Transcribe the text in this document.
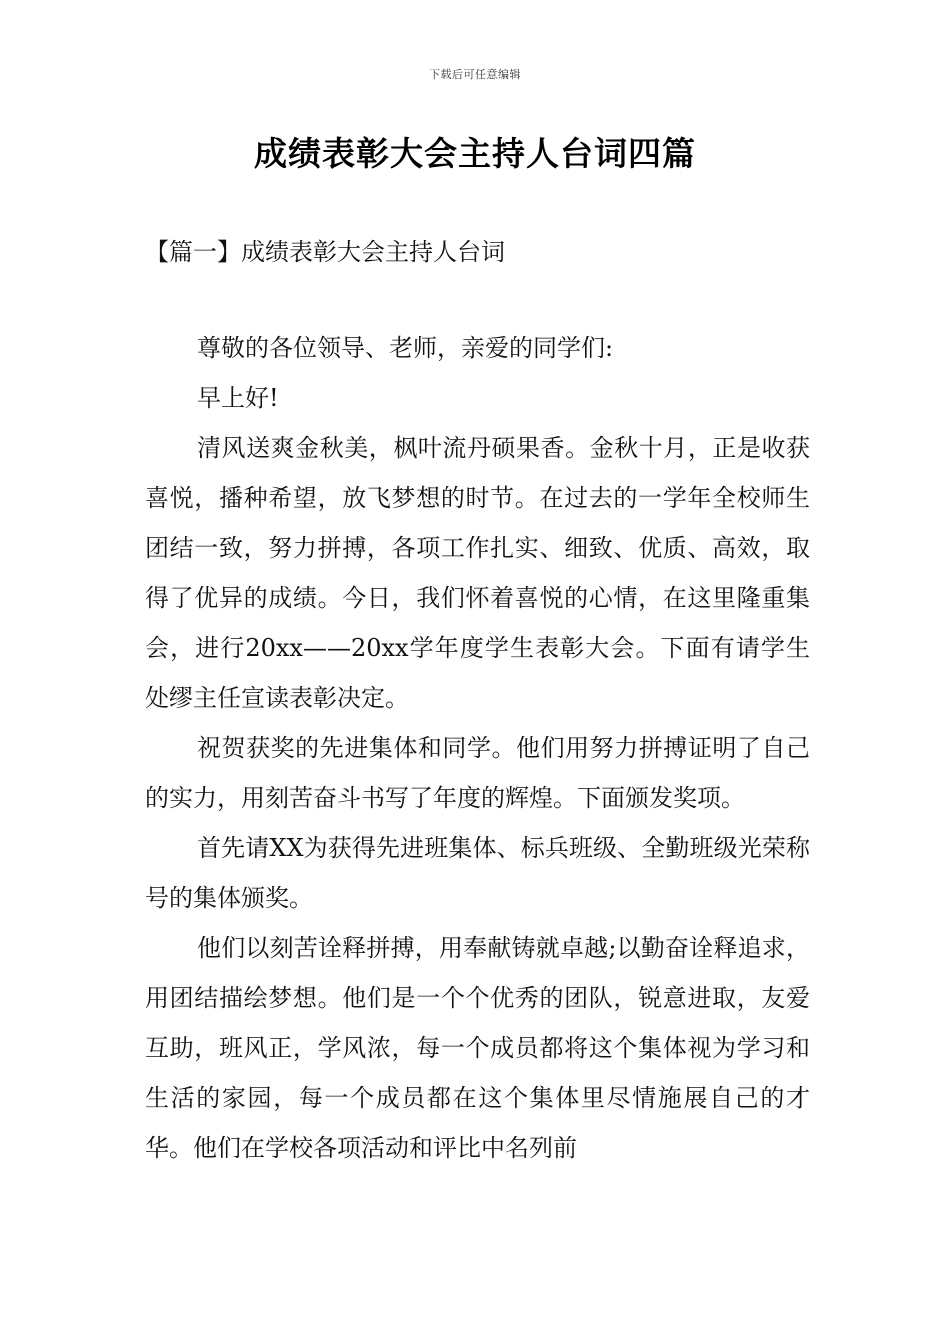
下载后可任意编辑
成绩表彰大会主持人台词四篇
【篇一】成绩表彰大会主持人台词

尊敬的各位领导、老师，亲爱的同学们:

早上好!

清风送爽金秋美，枫叶流丹硕果香。金秋十月，正是收获喜悦，播种希望，放飞梦想的时节。在过去的一学年全校师生团结一致，努力拼搏，各项工作扎实、细致、优质、高效，取得了优异的成绩。今日，我们怀着喜悦的心情，在这里隆重集会，进行20xx——20xx学年度学生表彰大会。下面有请学生处缪主任宣读表彰决定。

祝贺获奖的先进集体和同学。他们用努力拼搏证明了自己的实力，用刻苦奋斗书写了年度的辉煌。下面颁发奖项。

首先请XX为获得先进班集体、标兵班级、全勤班级光荣称号的集体颁奖。

他们以刻苦诠释拼搏，用奉献铸就卓越;以勤奋诠释追求，用团结描绘梦想。他们是一个个优秀的团队，锐意进取，友爱互助，班风正，学风浓，每一个成员都将这个集体视为学习和生活的家园，每一个成员都在这个集体里尽情施展自己的才华。他们在学校各项活动和评比中名列前
